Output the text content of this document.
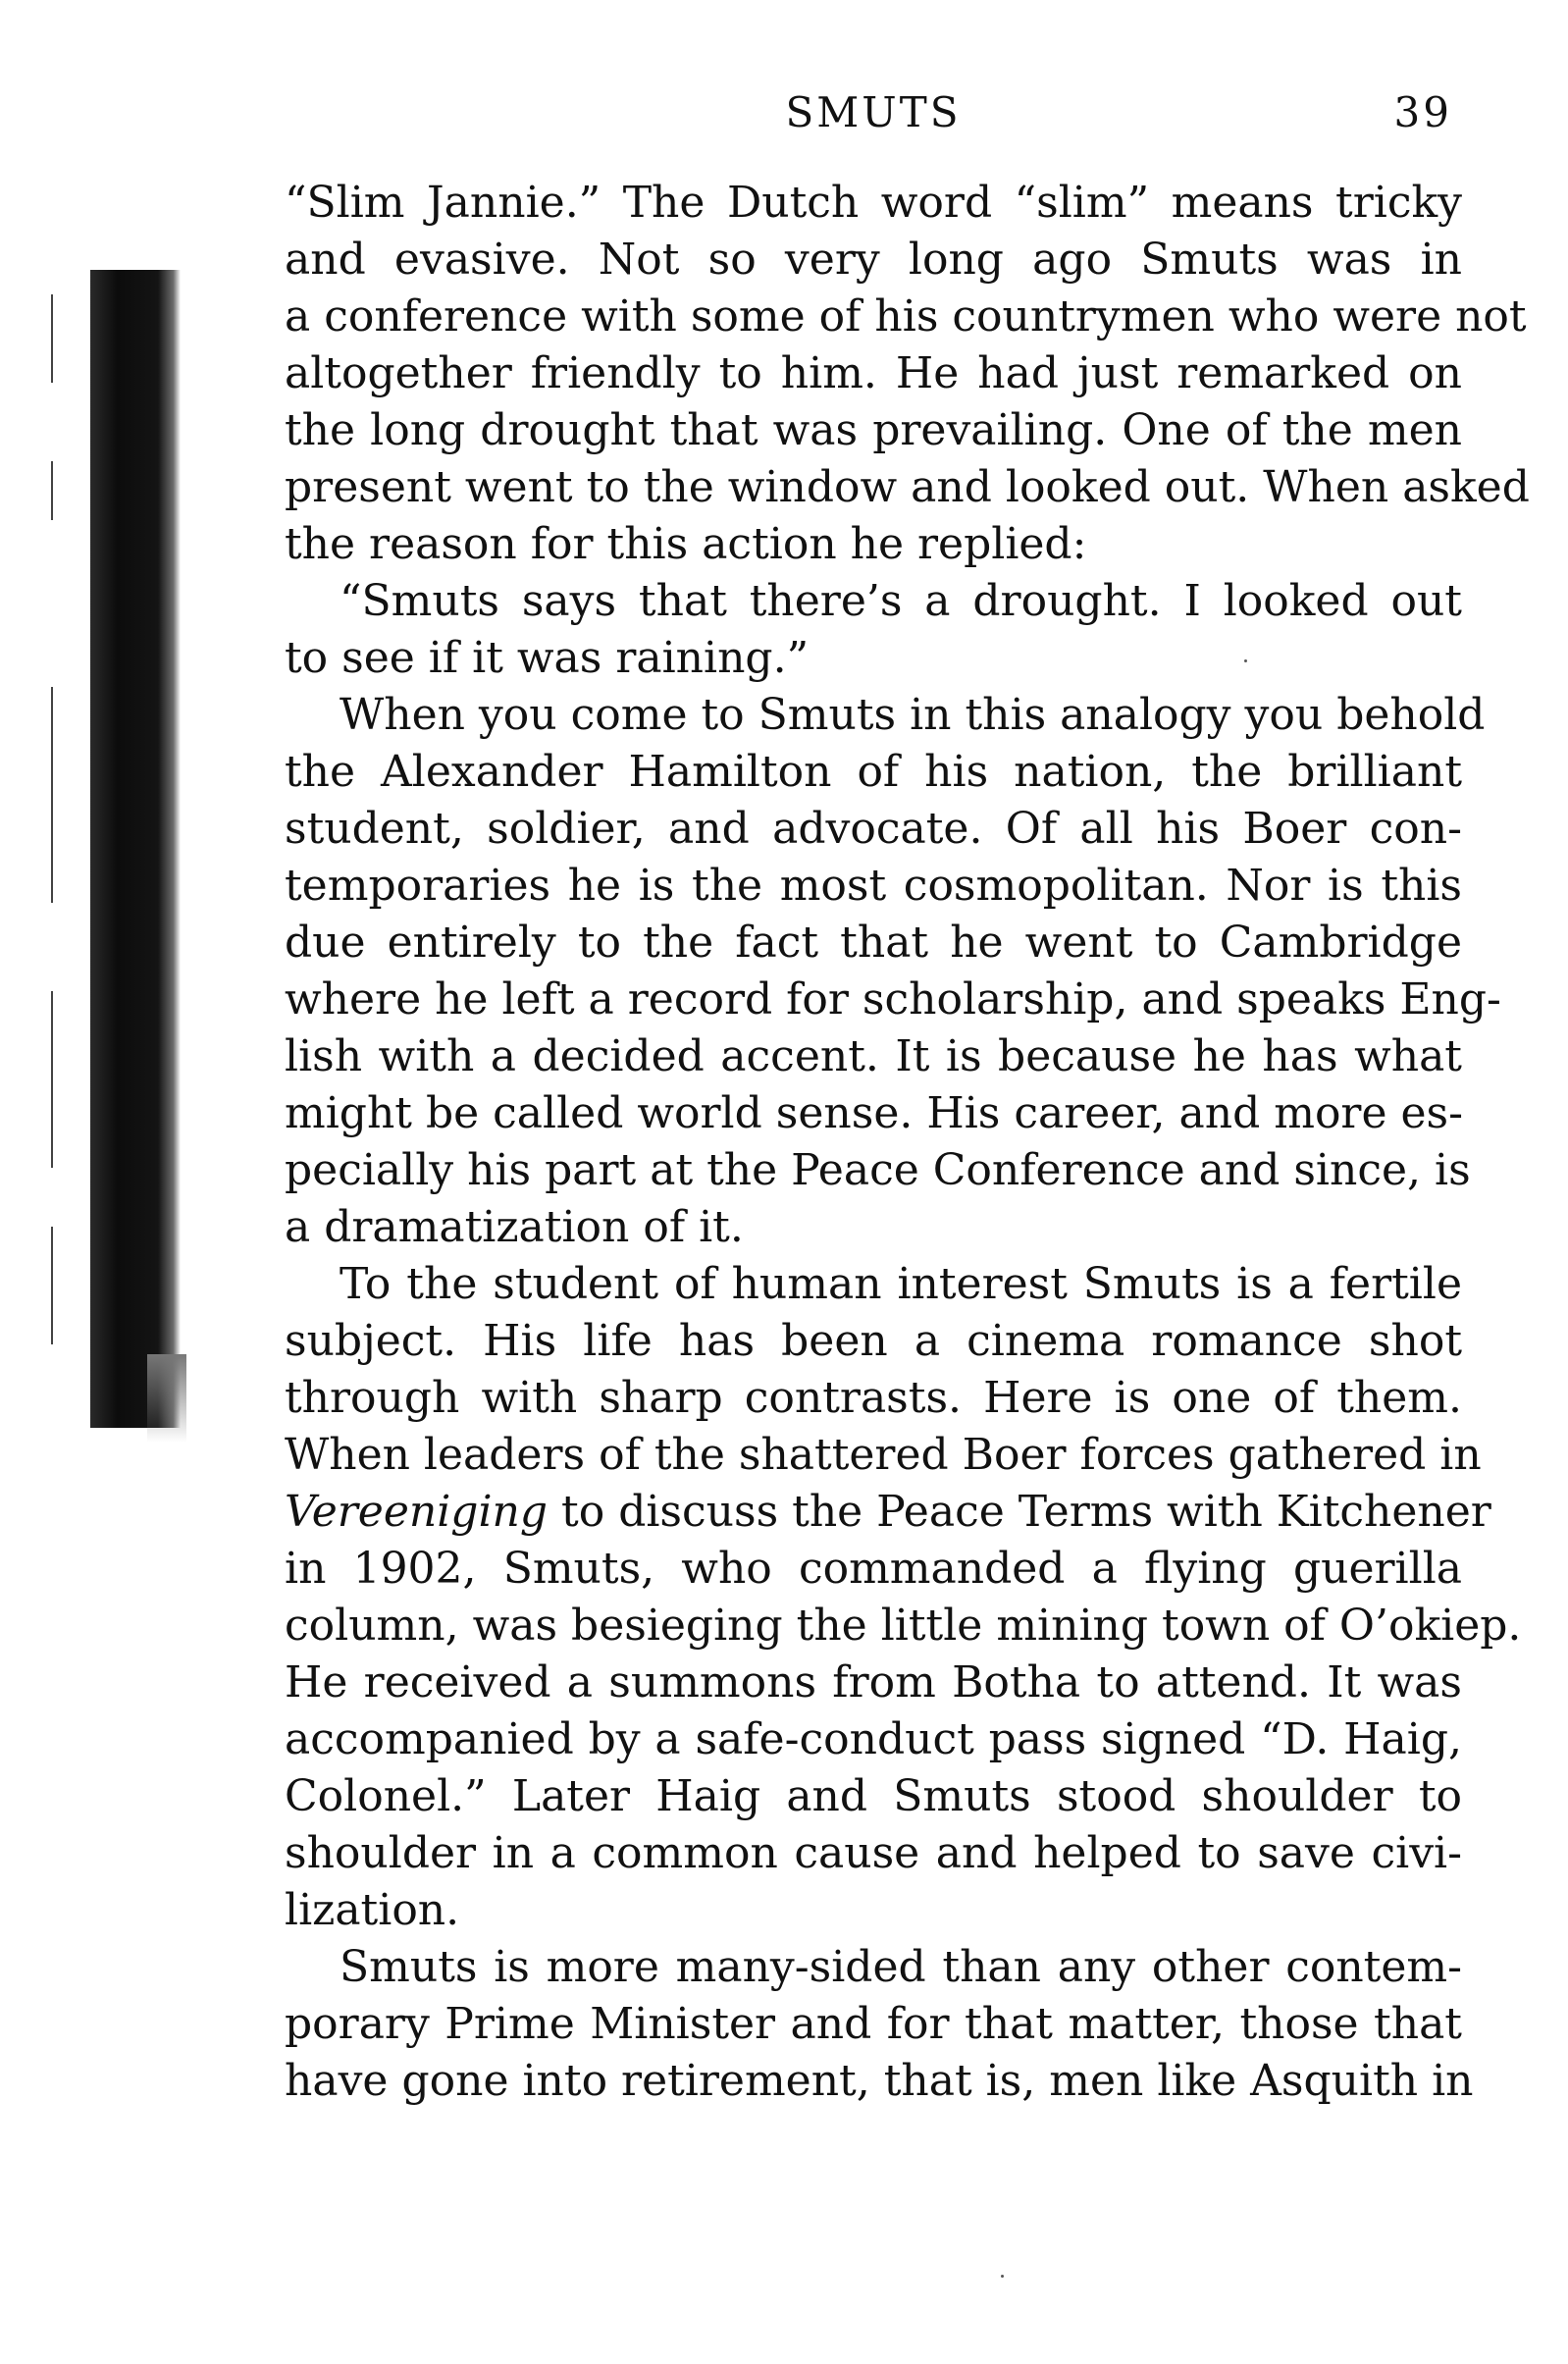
SMUTS	39
“Slim Jannie.” The Dutch word “slim” means tricky
and evasive. Not so very long ago Smuts was in
a conference with some of his countrymen who were not
altogether friendly to him. He had just remarked on
the long drought that was prevailing. One of the men
present went to the window and looked out. When asked
the reason for this action he replied:
“Smuts says that there’s a drought. I looked out
to see if it was raining.”
When you come to Smuts in this analogy you behold
the Alexander Hamilton of his nation, the brilliant
student, soldier, and advocate. Of all his Boer con-
temporaries he is the most cosmopolitan. Nor is this
due entirely to the fact that he went to Cambridge
where he left a record for scholarship, and speaks Eng-
lish with a decided accent. It is because he has what
might be called world sense. His career, and more es-
pecially his part at the Peace Conference and since, is
a dramatization of it.
To the student of human interest Smuts is a fertile
subject. His life has been a cinema romance shot
through with sharp contrasts. Here is one of them.
When leaders of the shattered Boer forces gathered in
Vereeniging to discuss the Peace Terms with Kitchener
in 1902, Smuts, who commanded a flying guerilla
column, was besieging the little mining town of O’okiep.
He received a summons from Botha to attend. It was
accompanied by a safe-conduct pass signed “D. Haig,
Colonel.” Later Haig and Smuts stood shoulder to
shoulder in a common cause and helped to save civi-
lization.
Smuts is more many-sided than any other contem-
porary Prime Minister and for that matter, those that
have gone into retirement, that is, men like Asquith in
